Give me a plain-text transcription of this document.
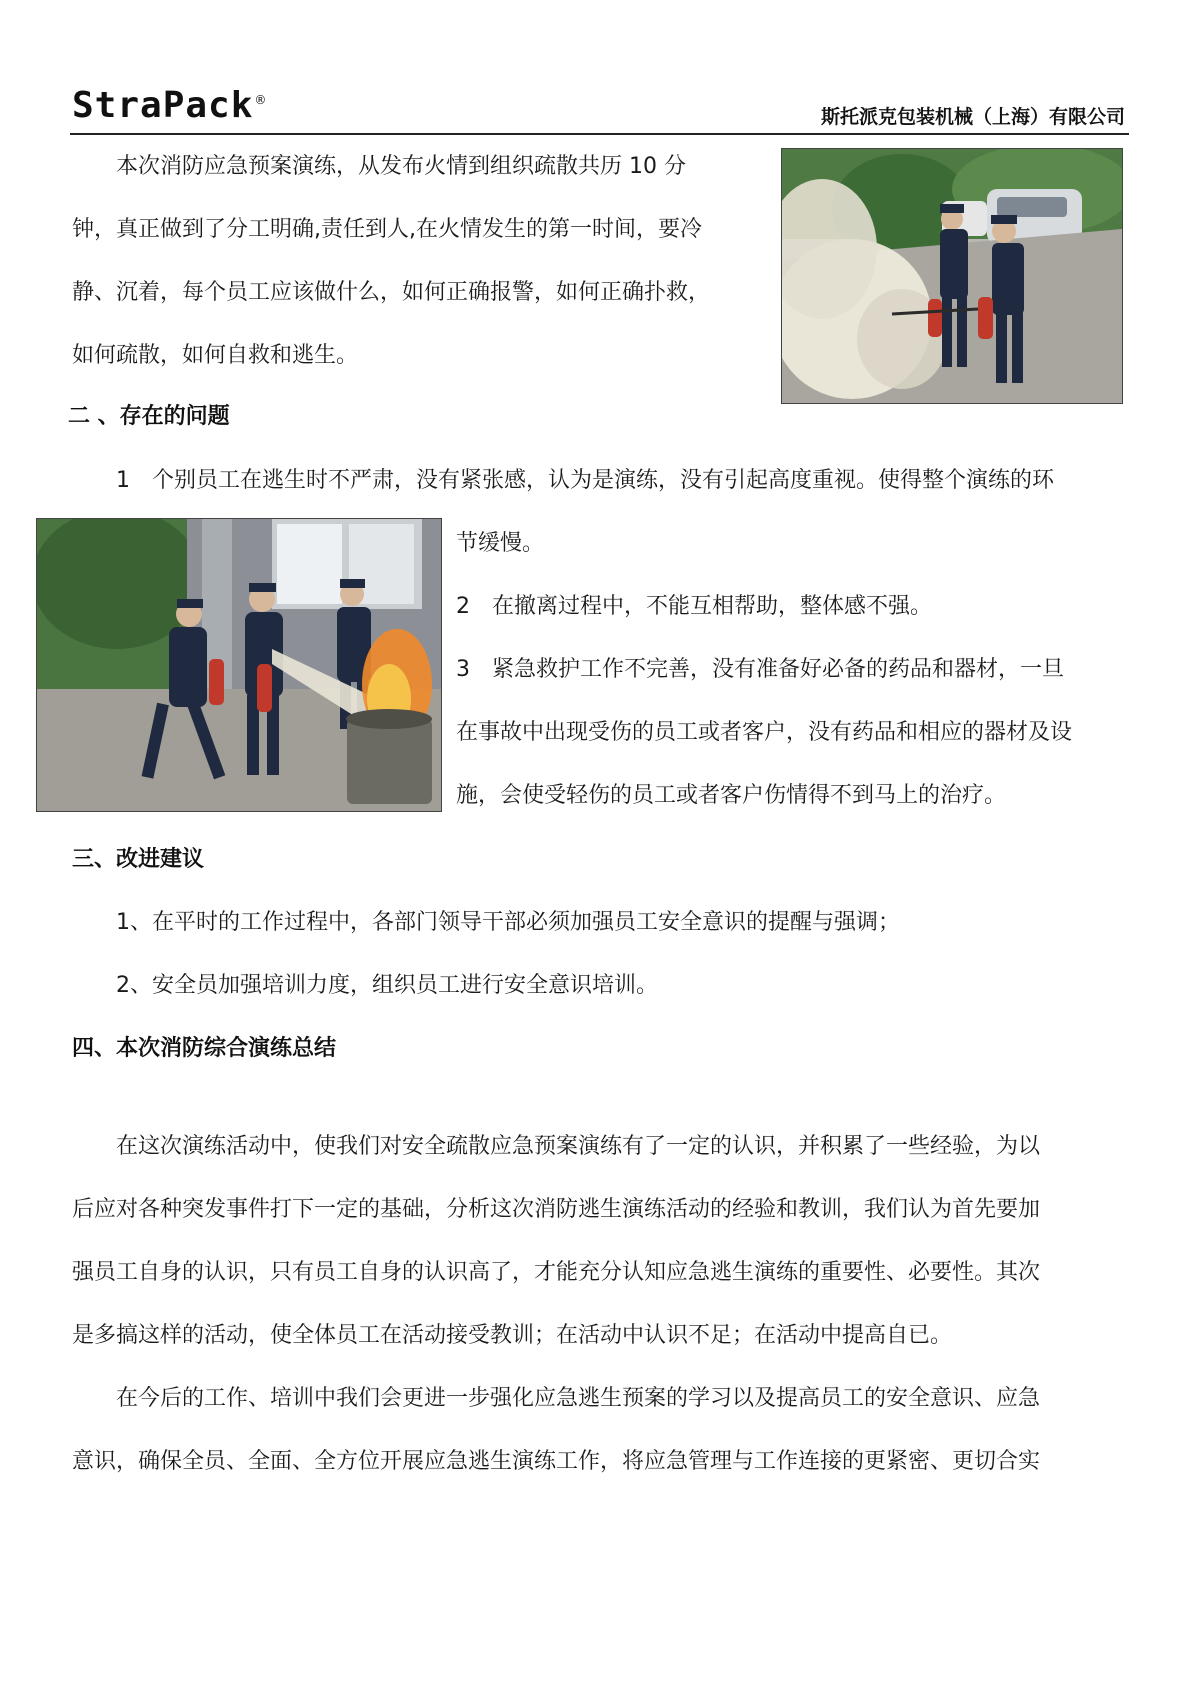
StraPack ®
斯托派克包装机械（上海）有限公司
　　本次消防应急预案演练，从发布火情到组织疏散共历 10 分
钟，真正做到了分工明确,责任到人,在火情发生的第一时间，要冷
静、沉着，每个员工应该做什么，如何正确报警，如何正确扑救，
如何疏散，如何自救和逃生。
二 、存在的问题
1　个别员工在逃生时不严肃，没有紧张感，认为是演练，没有引起高度重视。使得整个演练的环
节缓慢。
2　在撤离过程中，不能互相帮助，整体感不强。
3　紧急救护工作不完善，没有准备好必备的药品和器材，一旦
在事故中出现受伤的员工或者客户，没有药品和相应的器材及设
施，会使受轻伤的员工或者客户伤情得不到马上的治疗。
三、改进建议
1、在平时的工作过程中，各部门领导干部必须加强员工安全意识的提醒与强调；
2、安全员加强培训力度，组织员工进行安全意识培训。
四、本次消防综合演练总结
　　在这次演练活动中，使我们对安全疏散应急预案演练有了一定的认识，并积累了一些经验，为以
后应对各种突发事件打下一定的基础，分析这次消防逃生演练活动的经验和教训，我们认为首先要加
强员工自身的认识，只有员工自身的认识高了，才能充分认知应急逃生演练的重要性、必要性。其次
是多搞这样的活动，使全体员工在活动接受教训；在活动中认识不足；在活动中提高自已。
　　在今后的工作、培训中我们会更进一步强化应急逃生预案的学习以及提高员工的安全意识、应急
意识，确保全员、全面、全方位开展应急逃生演练工作，将应急管理与工作连接的更紧密、更切合实
